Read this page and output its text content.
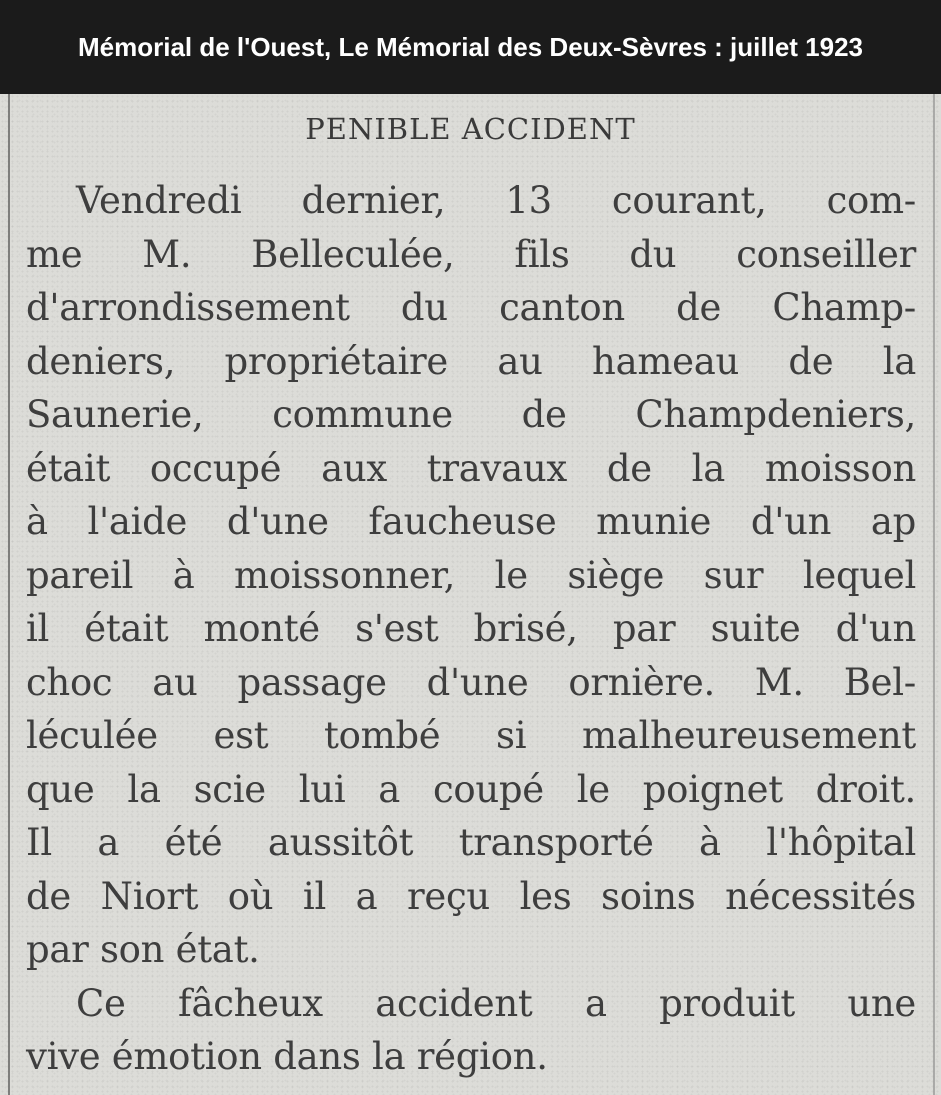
Mémorial de l'Ouest, Le Mémorial des Deux-Sèvres : juillet 1923
PENIBLE ACCIDENT
Vendredi dernier, 13 courant, com-
me M. Belleculée, fils du conseiller
d'arrondissement du canton de Champ-
deniers, propriétaire au hameau de la
Saunerie, commune de Champdeniers,
était occupé aux travaux de la moisson
à l'aide d'une faucheuse munie d'un ap
pareil à moissonner, le siège sur lequel
il était monté s'est brisé, par suite d'un
choc au passage d'une ornière. M. Bel-
léculée est tombé si malheureusement
que la scie lui a coupé le poignet droit.
Il a été aussitôt transporté à l'hôpital
de Niort où il a reçu les soins nécessités
par son état.
Ce fâcheux accident a produit une
vive émotion dans la région.
